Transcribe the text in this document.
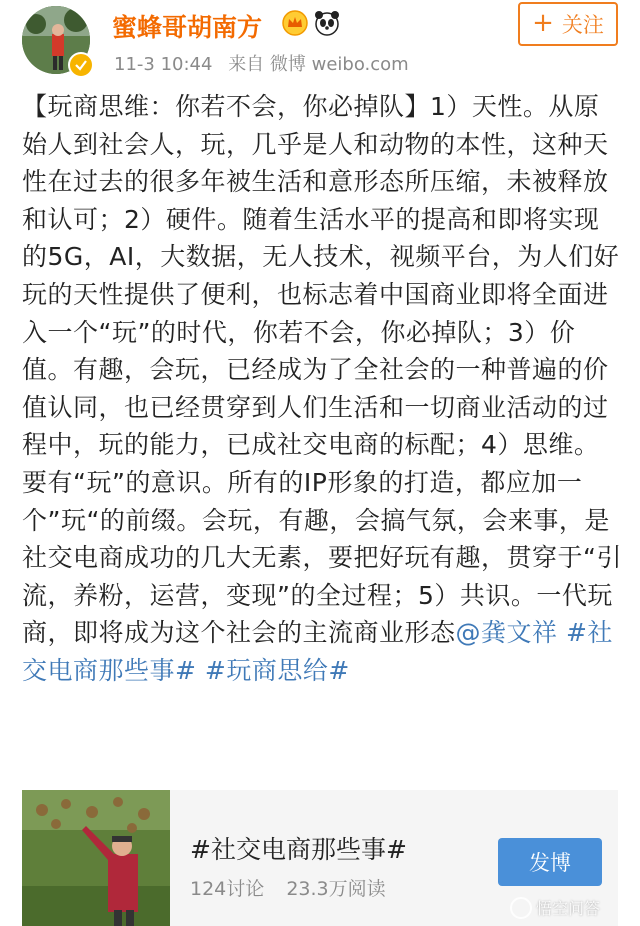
蜜蜂哥胡南方
11-3 10:44 来自 微博 weibo.com
+ 关注
【玩商思维：你若不会，你必掉队】1）天性。从原始人到社会人，玩，几乎是人和动物的本性，这种天性在过去的很多年被生活和意形态所压缩，未被释放和认可；2）硬件。随着生活水平的提高和即将实现的5G，AI，大数据，无人技术，视频平台，为人们好玩的天性提供了便利，也标志着中国商业即将全面进入一个“玩”的时代，你若不会，你必掉队；3）价值。有趣，会玩，已经成为了全社会的一种普遍的价值认同，也已经贯穿到人们生活和一切商业活动的过程中，玩的能力，已成社交电商的标配；4）思维。要有“玩”的意识。所有的IP形象的打造，都应加一个”玩“的前缀。会玩，有趣，会搞气氛，会来事，是社交电商成功的几大无素，要把好玩有趣，贯穿于“引流，养粉，运营，变现”的全过程；5）共识。一代玩商，即将成为这个社会的主流商业形态@龚文祥 #社交电商那些事# #玩商思给#
#社交电商那些事#
124讨论 23.3万阅读
发博
悟空问答
